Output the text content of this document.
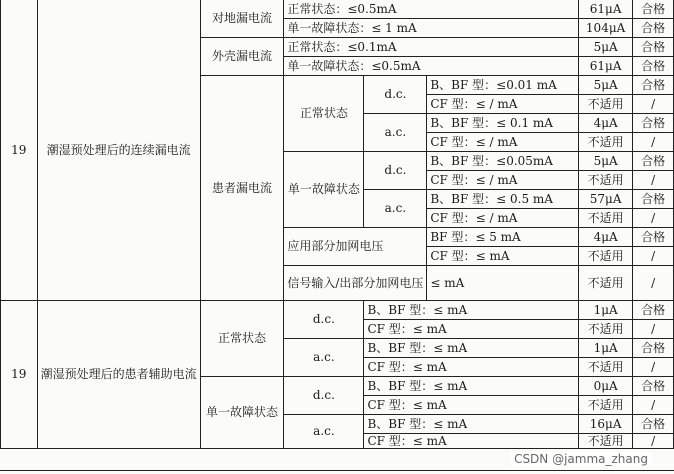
19	潮湿预处理后的连续漏电流	对地漏电流	正常状态：≤0.5mA			61μA	合格
			单一故障状态：≤ 1 mA			104μA	合格
		外壳漏电流	正常状态：≤0.1mA			5μA	合格
			单一故障状态：≤0.5mA			61μA	合格
		患者漏电流	正常状态	d.c.	B、BF 型：≤0.01 mA	5μA	合格
					CF 型：≤ / mA	不适用	/
				a.c.	B、BF 型：≤ 0.1 mA	4μA	合格
					CF 型：≤ / mA	不适用	/
			单一故障状态	d.c.	B、BF 型：≤0.05mA	5μA	合格
					CF 型：≤ / mA	不适用	/
				a.c.	B、BF 型：≤ 0.5 mA	57μA	合格
					CF 型：≤ / mA	不适用	/
			应用部分加网电压		BF 型：≤ 5 mA	4μA	合格
					CF 型：≤ mA	不适用	/
			信号输入/出部分加网电压		≤ mA	不适用	/
19	潮湿预处理后的患者辅助电流	正常状态	d.c.	B、BF 型：≤ mA		1μA	合格
				CF 型：≤ mA		不适用	/
			a.c.	B、BF 型：≤ mA		1μA	合格
				CF 型：≤ mA		不适用	/
		单一故障状态	d.c.	B、BF 型：≤ mA		0μA	合格
				CF 型：≤ mA		不适用	/
			a.c.	B、BF 型：≤ mA		16μA	合格
				CF 型：≤ mA		不适用	/
CSDN @jamma_zhang
